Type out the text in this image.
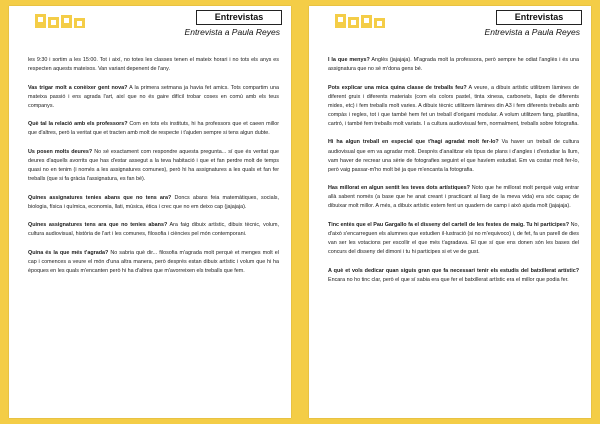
Entrevistas
Entrevista a Paula Reyes

les 9:30 i sortim a les 15:00. Tot i així, no totes les classes tenen el mateix horari i no tots els anys es respecten aquests mateixos. Van variant depenent de l'any.

Vas trigar molt a conèixer gent nova? A la primera setmana ja havia fet amics. Tots compartim una mateixa passió i ens agrada l'art, així que no és gaire difícil trobar coses en comú amb els teus companys.

Què tal la relació amb els professors? Com en tots els instituts, hi ha professors que et caeen millor que d'altres, però la veritat que et tracten amb molt de respecte i t'ajuden sempre si tens algun dubte.

Us posen molts deures? No sé exactament com respondre aquesta pregunta... sí que és veritat que deures d'aquells avorrits que has d'estar assegut a la teva habitació i que et fan perdre molt de temps quasi no en tenim (i només a les assignatures comunes), però hi ha assignatures a les quals et fan fer treballs (que si fa gràcia l'assignatura, es fan bé).

Quines assignatures tenies abans que no tens ara? Doncs abans feia matemàtiques, socials, biologia, física i química, economia, llati, música, ètica i crec que no em deixo cap (jajajaja).

Quines assignatures tens ara que no tenies abans? Ara faig dibuix artístic, dibuix tècnic, volum, cultura audiovisual, història de l'art i les comunes, filosofia i ciències pel món contemporani.

Quina és la que més t'agrada? No sabria què dir... filosofia m'agrada molt perquè et menges molt el cap i comences a veure el món d'una altra manera, però després estan dibuix artístic i volum que hi ha èpoques en les quals m'encanten però hi ha d'altres que m'avorreixen els treballs que fem.

Entrevistas
Entrevista a Paula Reyes

I la que menys? Anglès (jajajaja). M'agrada molt la professora, però sempre he odiat l'anglès i és una assignatura que no sé m'dona gens bé.

Pots explicar una mica quina classe de treballs feu? A veure, a dibuix artístic utilitzem làmines de diferent gruix i diferents materials (com els colors pastel, tinta xinesa, carbonets, llapis de diferents mides, etc) i fem treballs molt varies. A dibuix tècnic utilitzem làmines din A3 i fem diferents treballs amb compàs i regles, tot i que també hem fet un treball d'origami modular. A volum utilitzem fang, plastilina, cartró, i també fem treballs molt variats. I a cultura audiovisual fem, normalment, treballs sobre fotografia.

Hi ha algun treball en especial que t'hagi agradat molt fer-lo? Va haver un treball de cultura audiovisual que em va agradar molt. Després d'analitzar els tipus de plans i d'angles i d'estudiar la llum, vam haver de recrear una sèrie de fotografies seguint el que havíem estudiat. Em va costar molt fer-lo, però vaig passar-m'ho molt bé ja que m'encanta la fotografia.

Has millorat en algun sentit les teves dots artístiques? Noto que he millorat molt perquè vaig entrar allà sabent només (a base que he anat creant i practicant al llarg de la meva vida) era sóc capaç de dibuixar molt millor. A més, a dibuix artístic estem fent un quadern de camp i això ajuda molt (jajajaja).

Tinc entès que el Pau Gargallo fa el disseny del cartell de les festes de maig. Tu hi participes? No, d'això s'encarreguen els alumnes que estudien il·lustració (si no m'equivoco) i, de fet, fa un parell de dies van ser les votacions per escollir el que més t'agradava. El que sí que ens donen són les bases del concurs del disseny del dimoni i tu hi participes si et ve de gust.

A què et vols dedicar quan siguis gran que fa necessari tenir els estudis del batxillerat artístic? Encara no ho tinc clar, però el que sí sabia era que fer el batxillerat artístic era el millor que podia fer.
